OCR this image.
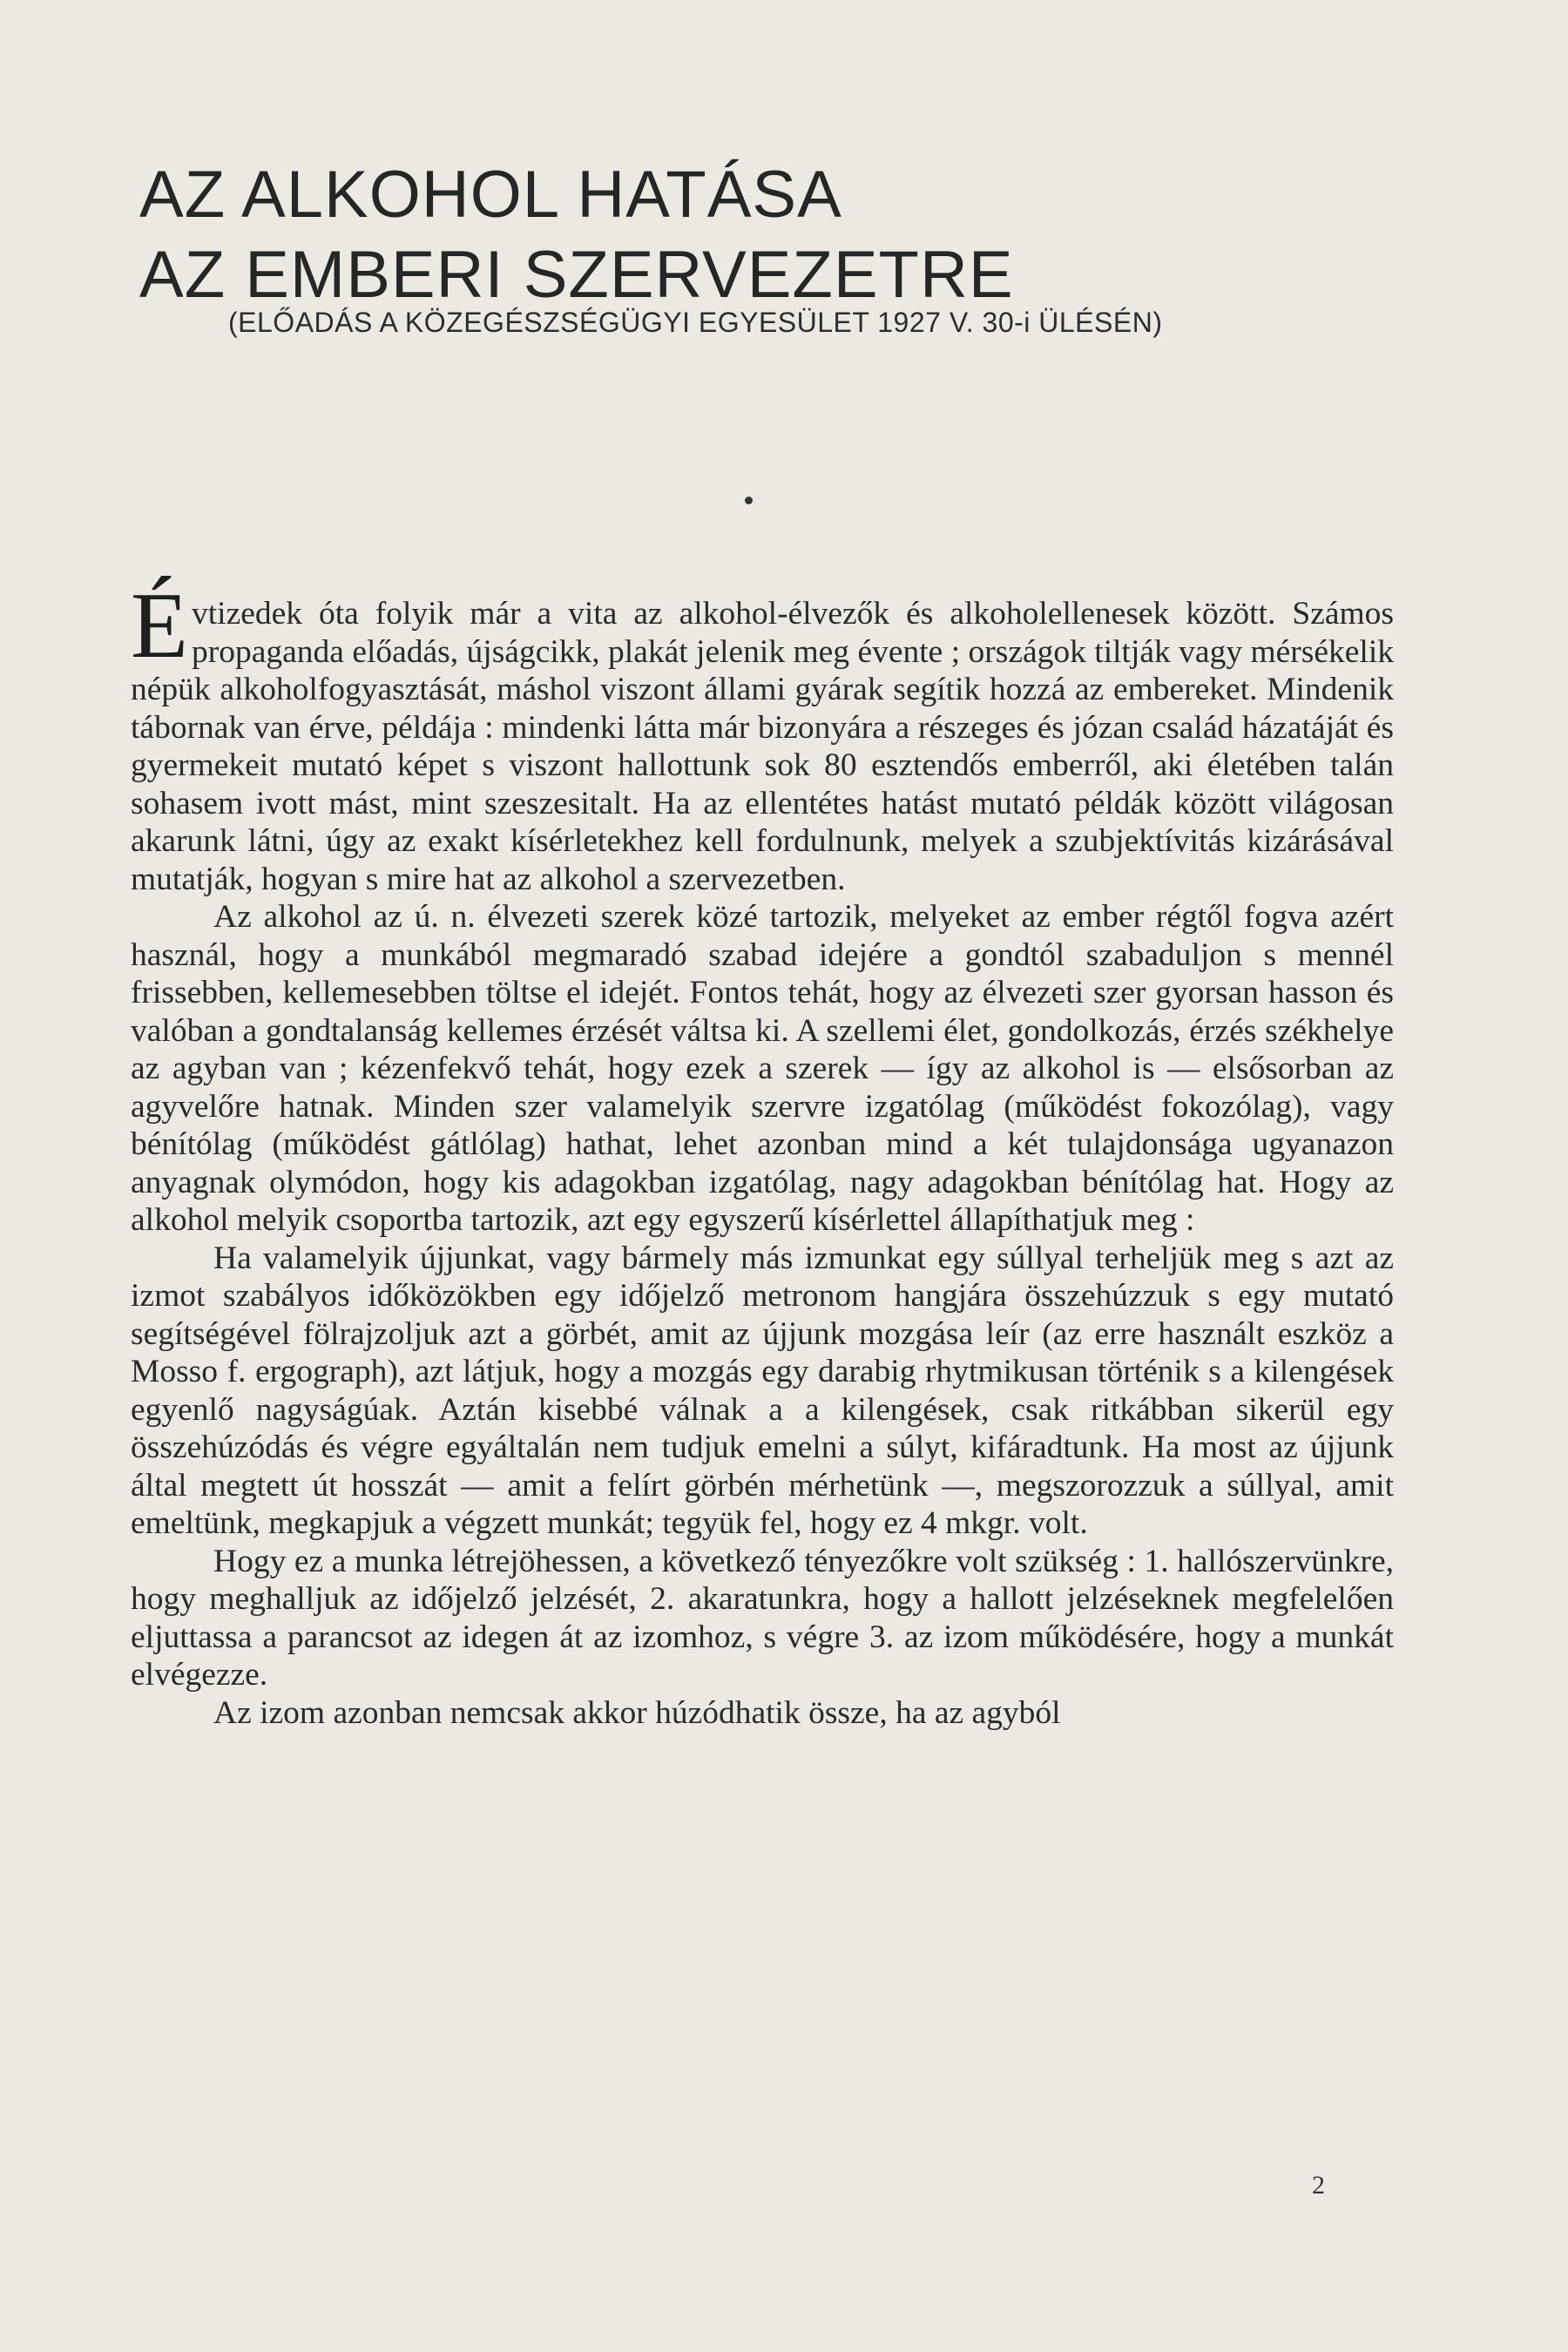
AZ ALKOHOL HATÁSA
AZ EMBERI SZERVEZETRE
(ELŐADÁS A KÖZEGÉSZSÉGÜGYI EGYESÜLET 1927 V. 30-i ÜLÉSÉN)

É vtizedek óta folyik már a vita az alkohol-élvezők és alkoholellenesek között. Számos propaganda előadás, újságcikk, plakát jelenik meg évente ; országok tiltják vagy mérsékelik népük alkoholfogyasztását, máshol viszont állami gyárak segítik hozzá az embereket. Mindenik tábornak van érve, példája : mindenki látta már bizonyára a részeges és józan család házatáját és gyermekeit mutató képet s viszont hallottunk sok 80 esztendős emberről, aki életében talán sohasem ivott mást, mint szeszesitalt. Ha az ellentétes hatást mutató példák között világosan akarunk látni, úgy az exakt kísérletekhez kell fordulnunk, melyek a szubjektívitás kizárásával mutatják, hogyan s mire hat az alkohol a szervezetben.

Az alkohol az ú. n. élvezeti szerek közé tartozik, melyeket az ember régtől fogva azért használ, hogy a munkából megmaradó szabad idejére a gondtól szabaduljon s mennél frissebben, kellemesebben töltse el idejét. Fontos tehát, hogy az élvezeti szer gyorsan hasson és valóban a gondtalanság kellemes érzését váltsa ki. A szellemi élet, gondolkozás, érzés székhelye az agyban van ; kézenfekvő tehát, hogy ezek a szerek — így az alkohol is — elsősorban az agyvelőre hatnak. Minden szer valamelyik szervre izgatólag (működést fokozólag), vagy bénítólag (működést gátlólag) hathat, lehet azonban mind a két tulajdonsága ugyanazon anyagnak olymódon, hogy kis adagokban izgatólag, nagy adagokban bénítólag hat. Hogy az alkohol melyik csoportba tartozik, azt egy egyszerű kísérlettel állapíthatjuk meg :

Ha valamelyik újjunkat, vagy bármely más izmunkat egy súllyal terheljük meg s azt az izmot szabályos időközökben egy időjelző metronom hangjára összehúzzuk s egy mutató segítségével fölrajzoljuk azt a görbét, amit az újjunk mozgása leír (az erre használt eszköz a Mosso f. ergograph), azt látjuk, hogy a mozgás egy darabig rhytmikusan történik s a kilengések egyenlő nagyságúak. Aztán kisebbé válnak a a kilengések, csak ritkábban sikerül egy összehúzódás és végre egyáltalán nem tudjuk emelni a súlyt, kifáradtunk. Ha most az újjunk által megtett út hosszát — amit a felírt görbén mérhetünk —, megszorozzuk a súllyal, amit emeltünk, megkapjuk a végzett munkát; tegyük fel, hogy ez 4 mkgr. volt.

Hogy ez a munka létrejöhessen, a következő tényezőkre volt szükség : 1. hallószervünkre, hogy meghalljuk az időjelző jelzését, 2. akaratunkra, hogy a hallott jelzéseknek megfelelően eljuttassa a parancsot az idegen át az izomhoz, s végre 3. az izom működésére, hogy a munkát elvégezze.

Az izom azonban nemcsak akkor húzódhatik össze, ha az agyból

2
